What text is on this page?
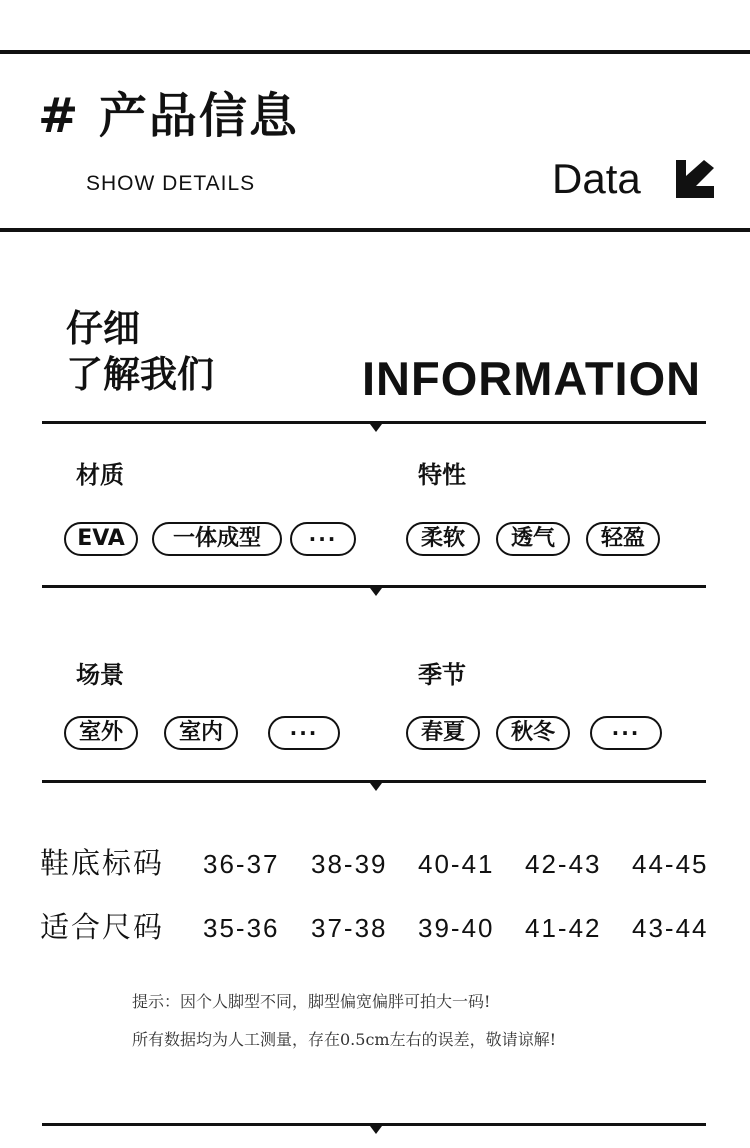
# 产品信息
SHOW DETAILS	Data
仔细
了解我们	INFORMATION
材质	特性
EVA	一体成型	···	柔软	透气	轻盈
场景	季节
室外	室内	···	春夏	秋冬	···
鞋底标码 36-37 38-39 40-41 42-43 44-45
适合尺码 35-36 37-38 39-40 41-42 43-44
提示：因个人脚型不同，脚型偏宽偏胖可拍大一码!
所有数据均为人工测量，存在0.5cm左右的误差，敬请谅解!
